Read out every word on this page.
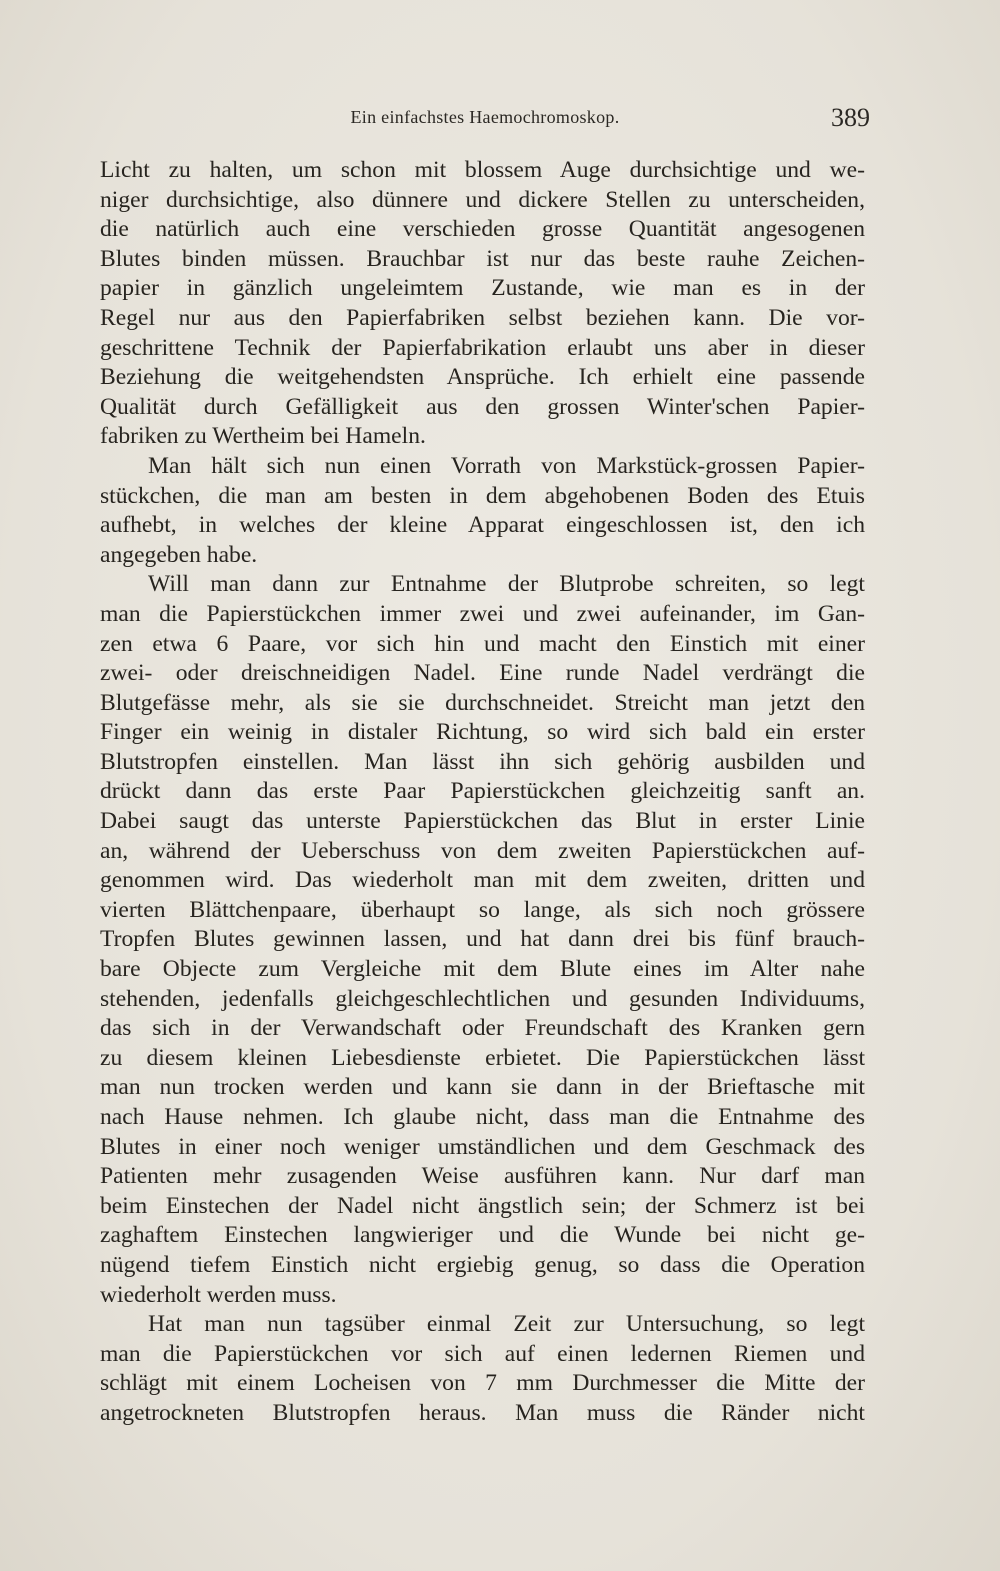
Ein einfachstes Haemochromoskop.	389
Licht zu halten, um schon mit blossem Auge durchsichtige und we-
niger durchsichtige, also dünnere und dickere Stellen zu unterscheiden,
die natürlich auch eine verschieden grosse Quantität angesogenen
Blutes binden müssen. Brauchbar ist nur das beste rauhe Zeichen-
papier in gänzlich ungeleimtem Zustande, wie man es in der
Regel nur aus den Papierfabriken selbst beziehen kann. Die vor-
geschrittene Technik der Papierfabrikation erlaubt uns aber in dieser
Beziehung die weitgehendsten Ansprüche. Ich erhielt eine passende
Qualität durch Gefälligkeit aus den grossen Winter'schen Papier-
fabriken zu Wertheim bei Hameln.
Man hält sich nun einen Vorrath von Markstück-grossen Papier-
stückchen, die man am besten in dem abgehobenen Boden des Etuis
aufhebt, in welches der kleine Apparat eingeschlossen ist, den ich
angegeben habe.
Will man dann zur Entnahme der Blutprobe schreiten, so legt
man die Papierstückchen immer zwei und zwei aufeinander, im Gan-
zen etwa 6 Paare, vor sich hin und macht den Einstich mit einer
zwei- oder dreischneidigen Nadel. Eine runde Nadel verdrängt die
Blutgefässe mehr, als sie sie durchschneidet. Streicht man jetzt den
Finger ein weinig in distaler Richtung, so wird sich bald ein erster
Blutstropfen einstellen. Man lässt ihn sich gehörig ausbilden und
drückt dann das erste Paar Papierstückchen gleichzeitig sanft an.
Dabei saugt das unterste Papierstückchen das Blut in erster Linie
an, während der Ueberschuss von dem zweiten Papierstückchen auf-
genommen wird. Das wiederholt man mit dem zweiten, dritten und
vierten Blättchenpaare, überhaupt so lange, als sich noch grössere
Tropfen Blutes gewinnen lassen, und hat dann drei bis fünf brauch-
bare Objecte zum Vergleiche mit dem Blute eines im Alter nahe
stehenden, jedenfalls gleichgeschlechtlichen und gesunden Individuums,
das sich in der Verwandschaft oder Freundschaft des Kranken gern
zu diesem kleinen Liebesdienste erbietet. Die Papierstückchen lässt
man nun trocken werden und kann sie dann in der Brieftasche mit
nach Hause nehmen. Ich glaube nicht, dass man die Entnahme des
Blutes in einer noch weniger umständlichen und dem Geschmack des
Patienten mehr zusagenden Weise ausführen kann. Nur darf man
beim Einstechen der Nadel nicht ängstlich sein; der Schmerz ist bei
zaghaftem Einstechen langwieriger und die Wunde bei nicht ge-
nügend tiefem Einstich nicht ergiebig genug, so dass die Operation
wiederholt werden muss.
Hat man nun tagsüber einmal Zeit zur Untersuchung, so legt
man die Papierstückchen vor sich auf einen ledernen Riemen und
schlägt mit einem Locheisen von 7 mm Durchmesser die Mitte der
angetrockneten Blutstropfen heraus. Man muss die Ränder nicht
